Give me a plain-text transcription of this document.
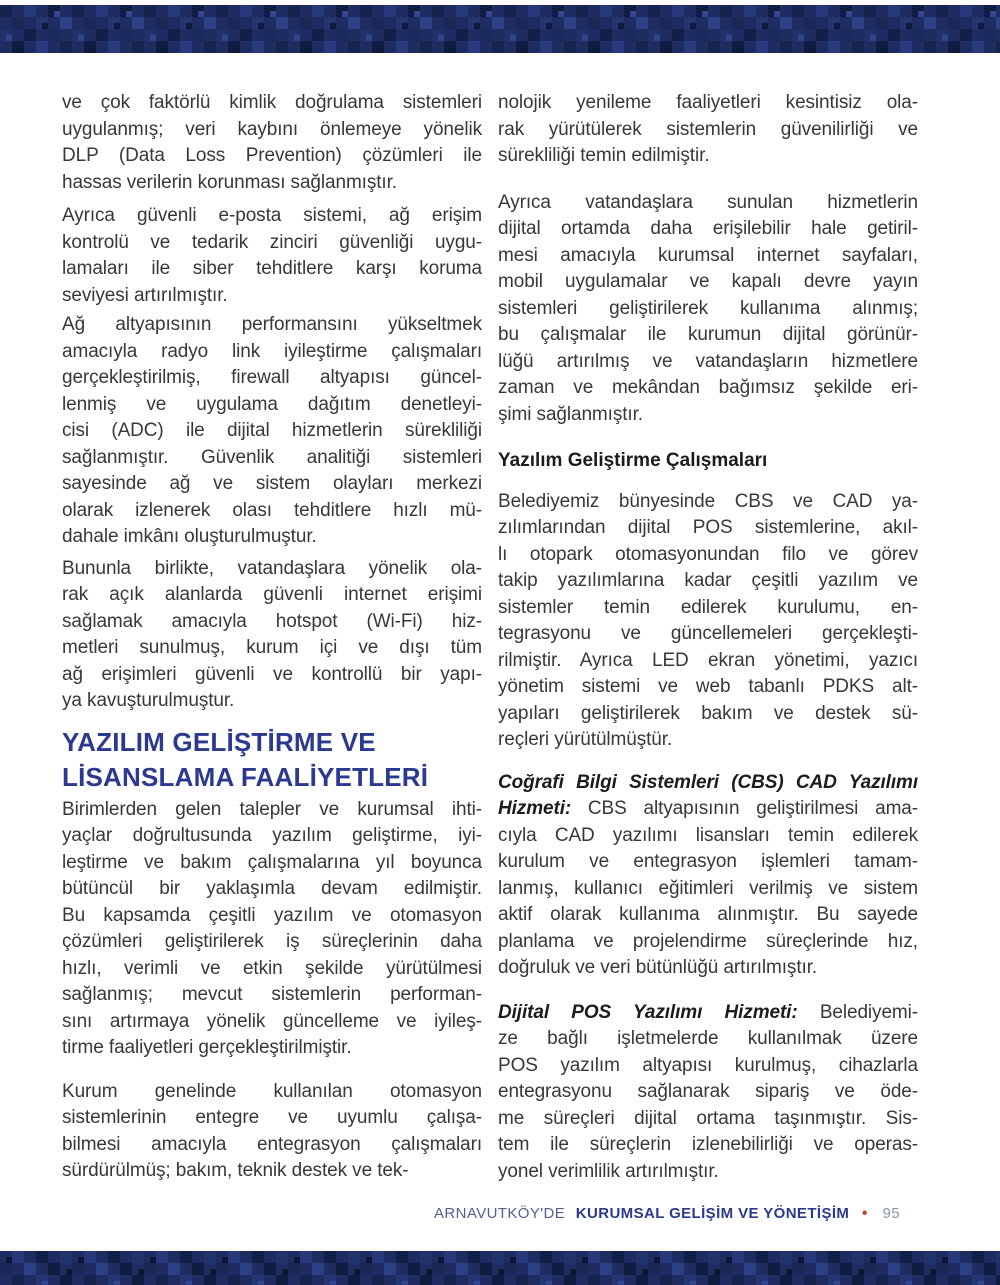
ve çok faktörlü kimlik doğrulama sistemleri
uygulanmış; veri kaybını önlemeye yönelik
DLP (Data Loss Prevention) çözümleri ile
hassas verilerin korunması sağlanmıştır.
Ayrıca güvenli e-posta sistemi, ağ erişim
kontrolü ve tedarik zinciri güvenliği uygu-
lamaları ile siber tehditlere karşı koruma
seviyesi artırılmıştır.
Ağ altyapısının performansını yükseltmek
amacıyla radyo link iyileştirme çalışmaları
gerçekleştirilmiş, firewall altyapısı güncel-
lenmiş ve uygulama dağıtım denetleyi-
cisi (ADC) ile dijital hizmetlerin sürekliliği
sağlanmıştır. Güvenlik analitiği sistemleri
sayesinde ağ ve sistem olayları merkezi
olarak izlenerek olası tehditlere hızlı mü-
dahale imkânı oluşturulmuştur.
Bununla birlikte, vatandaşlara yönelik ola-
rak açık alanlarda güvenli internet erişimi
sağlamak amacıyla hotspot (Wi-Fi) hiz-
metleri sunulmuş, kurum içi ve dışı tüm
ağ erişimleri güvenli ve kontrollü bir yapı-
ya kavuşturulmuştur.
YAZILIM GELİŞTİRME VE
LİSANSLAMA FAALİYETLERİ
Birimlerden gelen talepler ve kurumsal ihti-
yaçlar doğrultusunda yazılım geliştirme, iyi-
leştirme ve bakım çalışmalarına yıl boyunca
bütüncül bir yaklaşımla devam edilmiştir.
Bu kapsamda çeşitli yazılım ve otomasyon
çözümleri geliştirilerek iş süreçlerinin daha
hızlı, verimli ve etkin şekilde yürütülmesi
sağlanmış; mevcut sistemlerin performan-
sını artırmaya yönelik güncelleme ve iyileş-
tirme faaliyetleri gerçekleştirilmiştir.
Kurum genelinde kullanılan otomasyon
sistemlerinin entegre ve uyumlu çalışa-
bilmesi amacıyla entegrasyon çalışmaları
sürdürülmüş; bakım, teknik destek ve tek-
nolojik yenileme faaliyetleri kesintisiz ola-
rak yürütülerek sistemlerin güvenilirliği ve
sürekliliği temin edilmiştir.
Ayrıca vatandaşlara sunulan hizmetlerin
dijital ortamda daha erişilebilir hale getiril-
mesi amacıyla kurumsal internet sayfaları,
mobil uygulamalar ve kapalı devre yayın
sistemleri geliştirilerek kullanıma alınmış;
bu çalışmalar ile kurumun dijital görünür-
lüğü artırılmış ve vatandaşların hizmetlere
zaman ve mekândan bağımsız şekilde eri-
şimi sağlanmıştır.
Yazılım Geliştirme Çalışmaları
Belediyemiz bünyesinde CBS ve CAD ya-
zılımlarından dijital POS sistemlerine, akıl-
lı otopark otomasyonundan filo ve görev
takip yazılımlarına kadar çeşitli yazılım ve
sistemler temin edilerek kurulumu, en-
tegrasyonu ve güncellemeleri gerçekleşti-
rilmiştir. Ayrıca LED ekran yönetimi, yazıcı
yönetim sistemi ve web tabanlı PDKS alt-
yapıları geliştirilerek bakım ve destek sü-
reçleri yürütülmüştür.
Coğrafi Bilgi Sistemleri (CBS) CAD Yazılımı
Hizmeti: CBS altyapısının geliştirilmesi ama-
cıyla CAD yazılımı lisansları temin edilerek
kurulum ve entegrasyon işlemleri tamam-
lanmış, kullanıcı eğitimleri verilmiş ve sistem
aktif olarak kullanıma alınmıştır. Bu sayede
planlama ve projelendirme süreçlerinde hız,
doğruluk ve veri bütünlüğü artırılmıştır.
Dijital POS Yazılımı Hizmeti: Belediyemi-
ze bağlı işletmelerde kullanılmak üzere
POS yazılım altyapısı kurulmuş, cihazlarla
entegrasyonu sağlanarak sipariş ve öde-
me süreçleri dijital ortama taşınmıştır. Sis-
tem ile süreçlerin izlenebilirliği ve operas-
yonel verimlilik artırılmıştır.
ARNAVUTKÖY'DE KURUMSAL GELİŞİM VE YÖNETİŞİM • 95
